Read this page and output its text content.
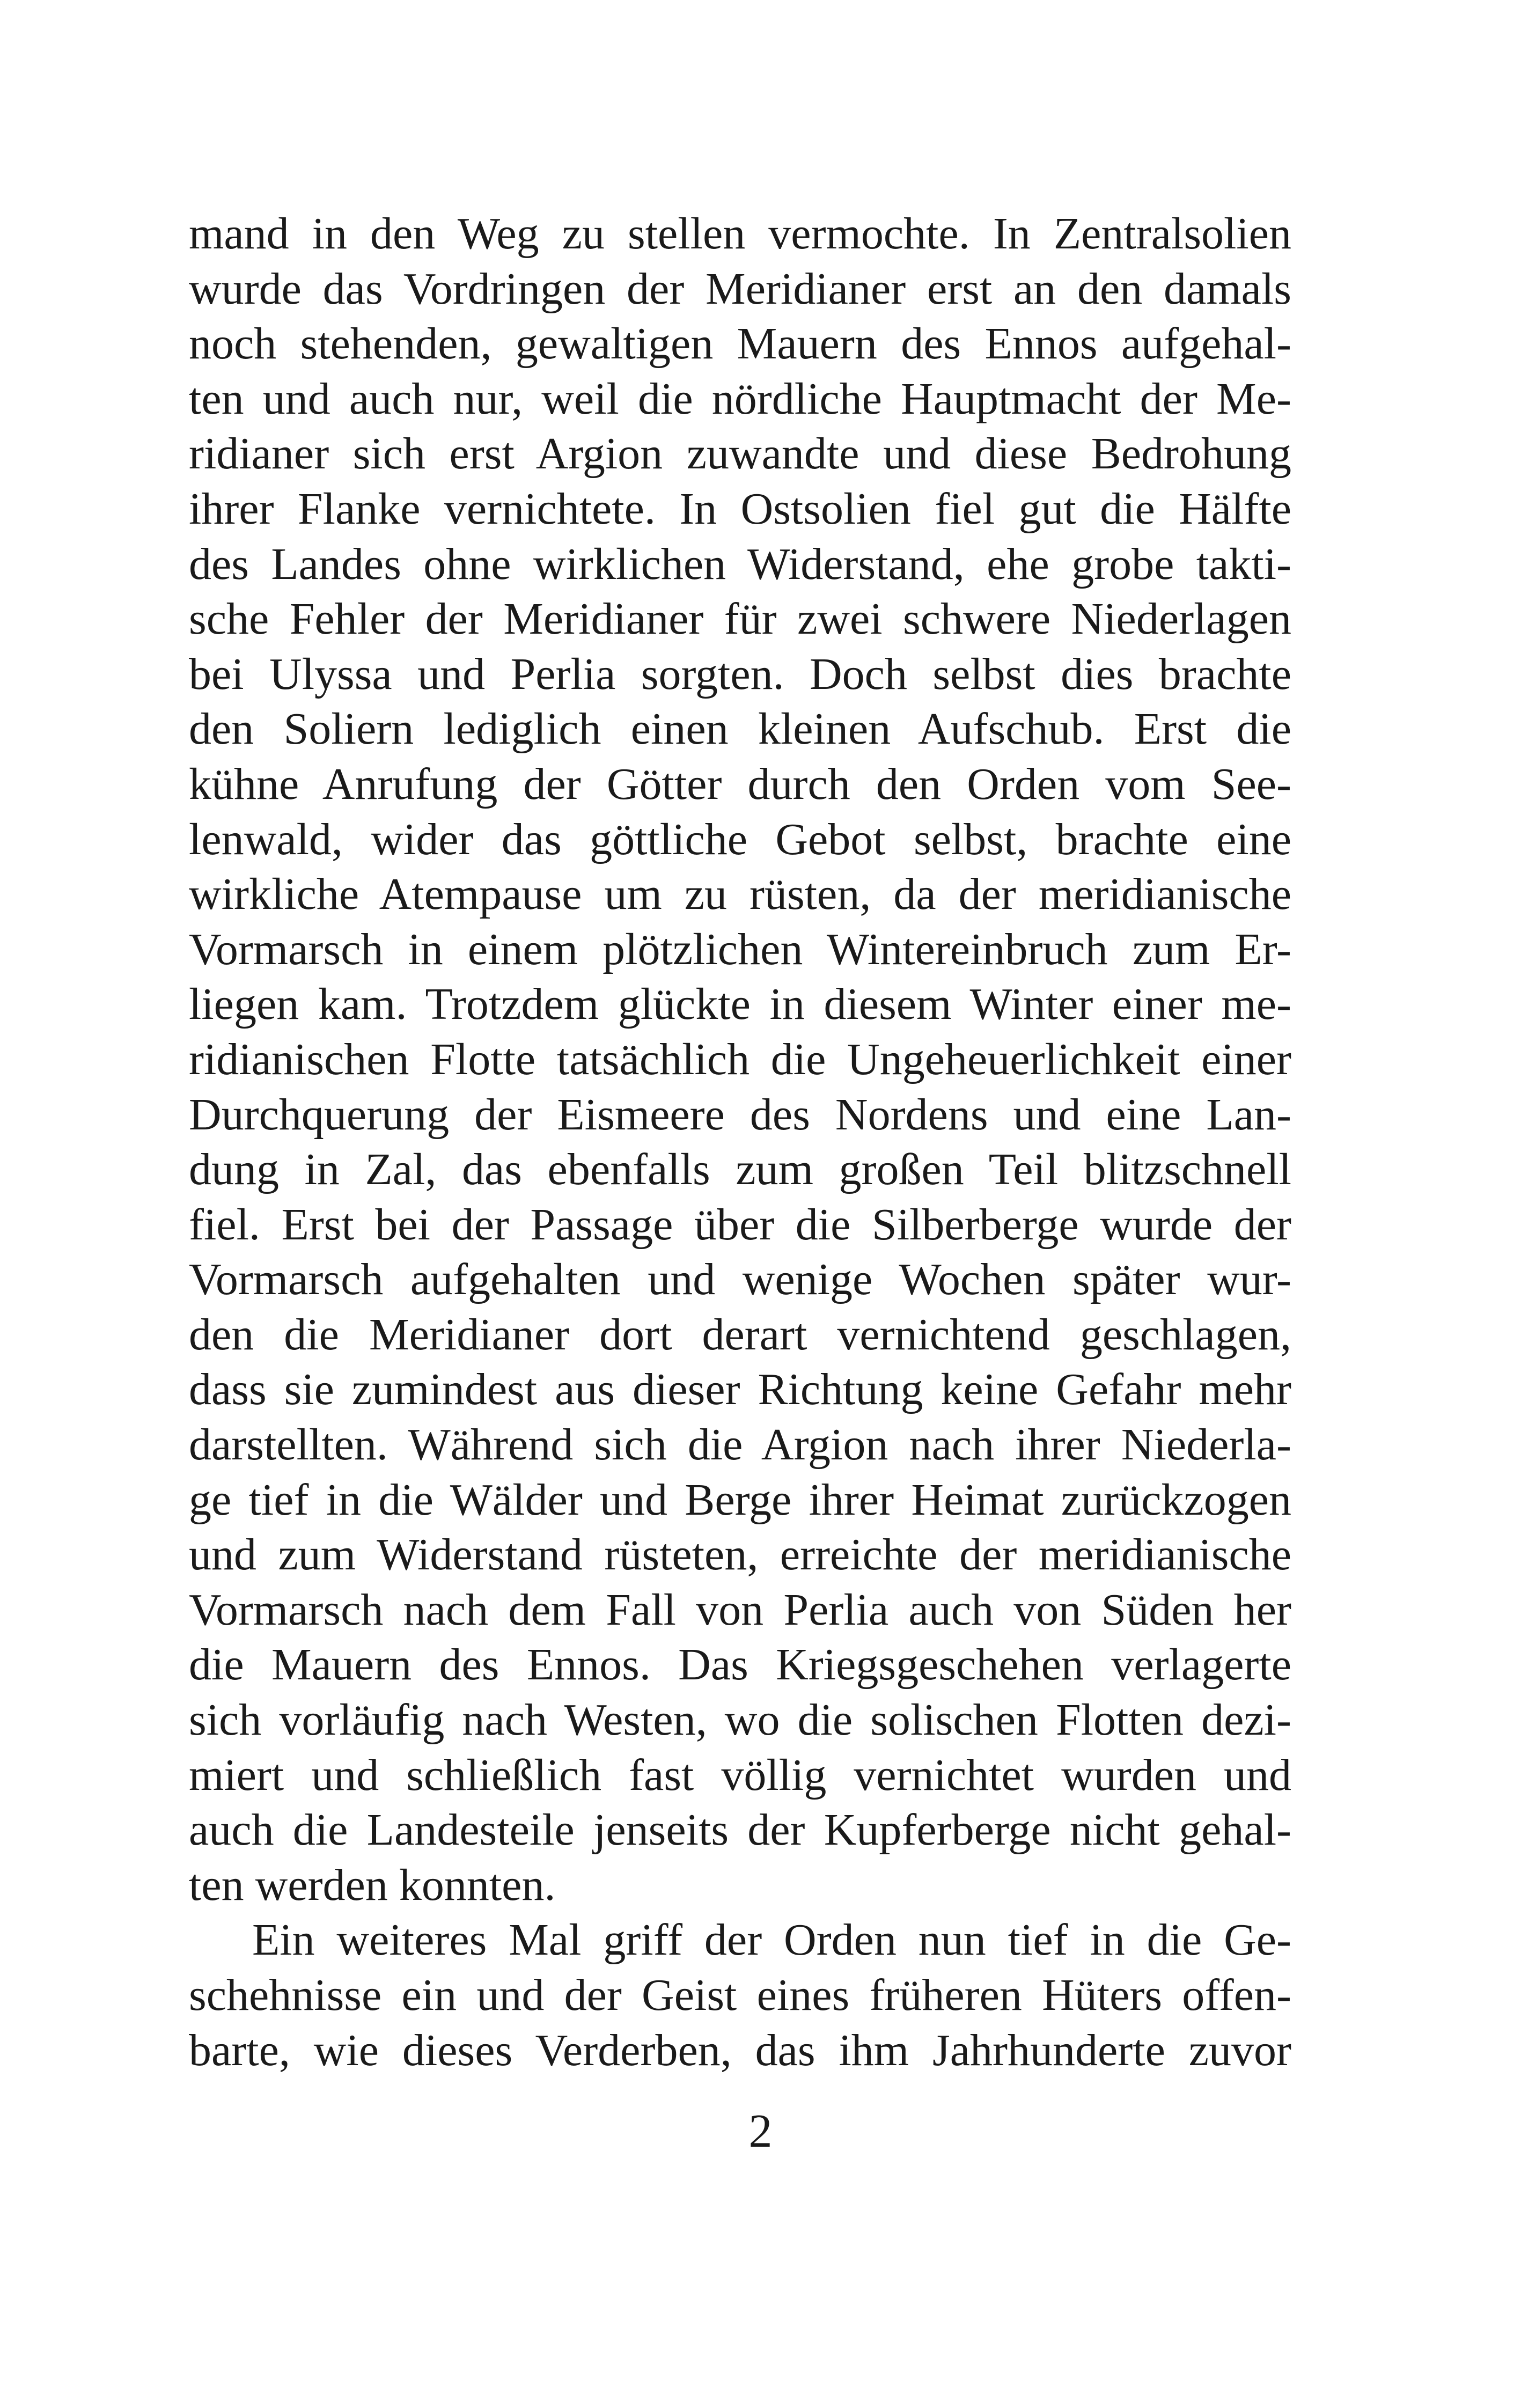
mand in den Weg zu stellen vermochte. In Zentralsolien
wurde das Vordringen der Meridianer erst an den damals
noch stehenden, gewaltigen Mauern des Ennos aufgehal-
ten und auch nur, weil die nördliche Hauptmacht der Me-
ridianer sich erst Argion zuwandte und diese Bedrohung
ihrer Flanke vernichtete. In Ostsolien fiel gut die Hälfte
des Landes ohne wirklichen Widerstand, ehe grobe takti-
sche Fehler der Meridianer für zwei schwere Niederlagen
bei Ulyssa und Perlia sorgten. Doch selbst dies brachte
den Soliern lediglich einen kleinen Aufschub. Erst die
kühne Anrufung der Götter durch den Orden vom See-
lenwald, wider das göttliche Gebot selbst, brachte eine
wirkliche Atempause um zu rüsten, da der meridianische
Vormarsch in einem plötzlichen Wintereinbruch zum Er-
liegen kam. Trotzdem glückte in diesem Winter einer me-
ridianischen Flotte tatsächlich die Ungeheuerlichkeit einer
Durchquerung der Eismeere des Nordens und eine Lan-
dung in Zal, das ebenfalls zum großen Teil blitzschnell
fiel. Erst bei der Passage über die Silberberge wurde der
Vormarsch aufgehalten und wenige Wochen später wur-
den die Meridianer dort derart vernichtend geschlagen,
dass sie zumindest aus dieser Richtung keine Gefahr mehr
darstellten. Während sich die Argion nach ihrer Niederla-
ge tief in die Wälder und Berge ihrer Heimat zurückzogen
und zum Widerstand rüsteten, erreichte der meridianische
Vormarsch nach dem Fall von Perlia auch von Süden her
die Mauern des Ennos. Das Kriegsgeschehen verlagerte
sich vorläufig nach Westen, wo die solischen Flotten dezi-
miert und schließlich fast völlig vernichtet wurden und
auch die Landesteile jenseits der Kupferberge nicht gehal-
ten werden konnten.
Ein weiteres Mal griff der Orden nun tief in die Ge-
schehnisse ein und der Geist eines früheren Hüters offen-
barte, wie dieses Verderben, das ihm Jahrhunderte zuvor
2
